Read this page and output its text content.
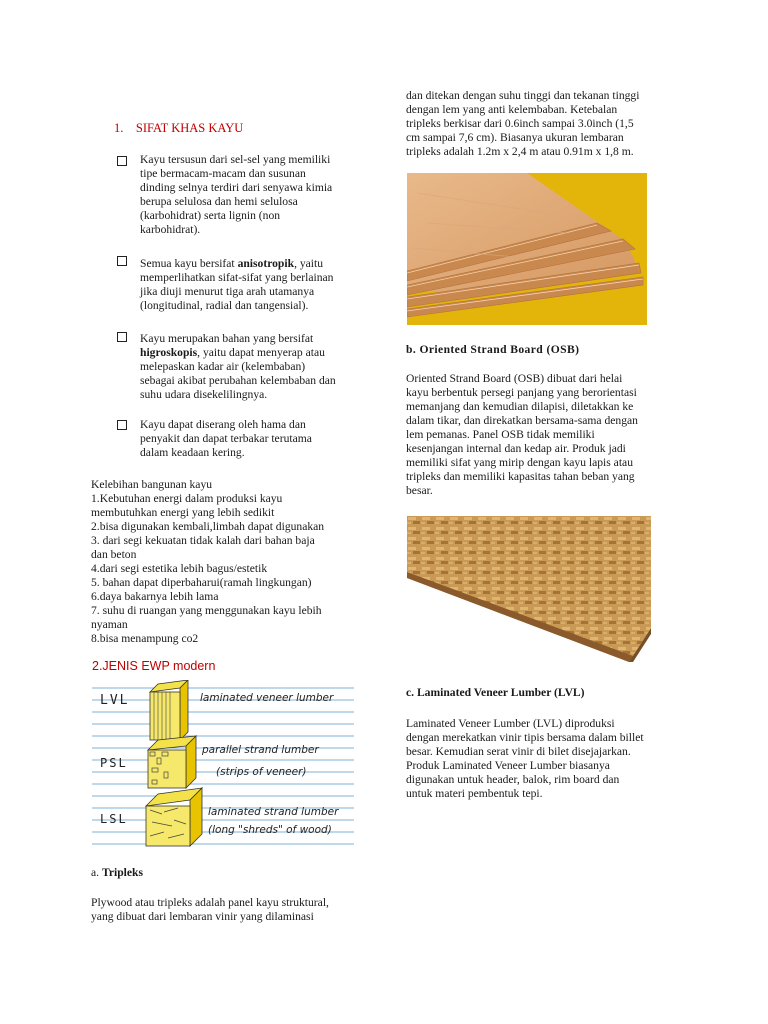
1.    SIFAT KHAS KAYU
Kayu tersusun dari sel-sel yang memiliki
tipe bermacam-macam dan susunan
dinding selnya terdiri dari senyawa kimia
berupa selulosa dan hemi selulosa
(karbohidrat) serta lignin (non
karbohidrat).
Semua kayu bersifat anisotropik, yaitu
memperlihatkan sifat-sifat yang berlainan
jika diuji menurut tiga arah utamanya
(longitudinal, radial dan tangensial).
Kayu merupakan bahan yang bersifat
higroskopis, yaitu dapat menyerap atau
melepaskan kadar air (kelembaban)
sebagai akibat perubahan kelembaban dan
suhu udara disekelilingnya.
Kayu dapat diserang oleh hama dan
penyakit dan dapat terbakar terutama
dalam keadaan kering.
Kelebihan bangunan kayu
1.Kebutuhan energi dalam produksi kayu
membutuhkan energi yang lebih sedikit
2.bisa digunakan kembali,limbah dapat digunakan
3. dari segi kekuatan tidak kalah dari bahan baja
dan beton
4.dari segi estetika lebih bagus/estetik
5. bahan dapat diperbaharui(ramah lingkungan)
6.daya bakarnya lebih lama
7. suhu di ruangan yang menggunakan kayu lebih
nyaman
8.bisa menampung co2
2.JENIS EWP modern
LVL	laminated veneer lumber
PSL
parallel strand lumber
(strips of veneer)
LSL	laminated strand lumber
(long "shreds" of wood)
a. Tripleks
Plywood atau tripleks adalah panel kayu struktural,
yang dibuat dari lembaran vinir yang dilaminasi
dan ditekan dengan suhu tinggi dan tekanan tinggi
dengan lem yang anti kelembaban. Ketebalan
tripleks berkisar dari 0.6inch sampai 3.0inch (1,5
cm sampai 7,6 cm). Biasanya ukuran lembaran
tripleks adalah 1.2m x 2,4 m atau 0.91m x 1,8 m.
b. Oriented Strand Board (OSB)
Oriented Strand Board (OSB) dibuat dari helai
kayu berbentuk persegi panjang yang berorientasi
memanjang dan kemudian dilapisi, diletakkan ke
dalam tikar, dan direkatkan bersama-sama dengan
lem pemanas. Panel OSB tidak memiliki
kesenjangan internal dan kedap air. Produk jadi
memiliki sifat yang mirip dengan kayu lapis atau
tripleks dan memiliki kapasitas tahan beban yang
besar.
c. Laminated Veneer Lumber (LVL)
Laminated Veneer Lumber (LVL) diproduksi
dengan merekatkan vinir tipis bersama dalam billet
besar. Kemudian serat vinir di bilet disejajarkan.
Produk Laminated Veneer Lumber biasanya
digunakan untuk header, balok, rim board dan
untuk materi pembentuk tepi.
